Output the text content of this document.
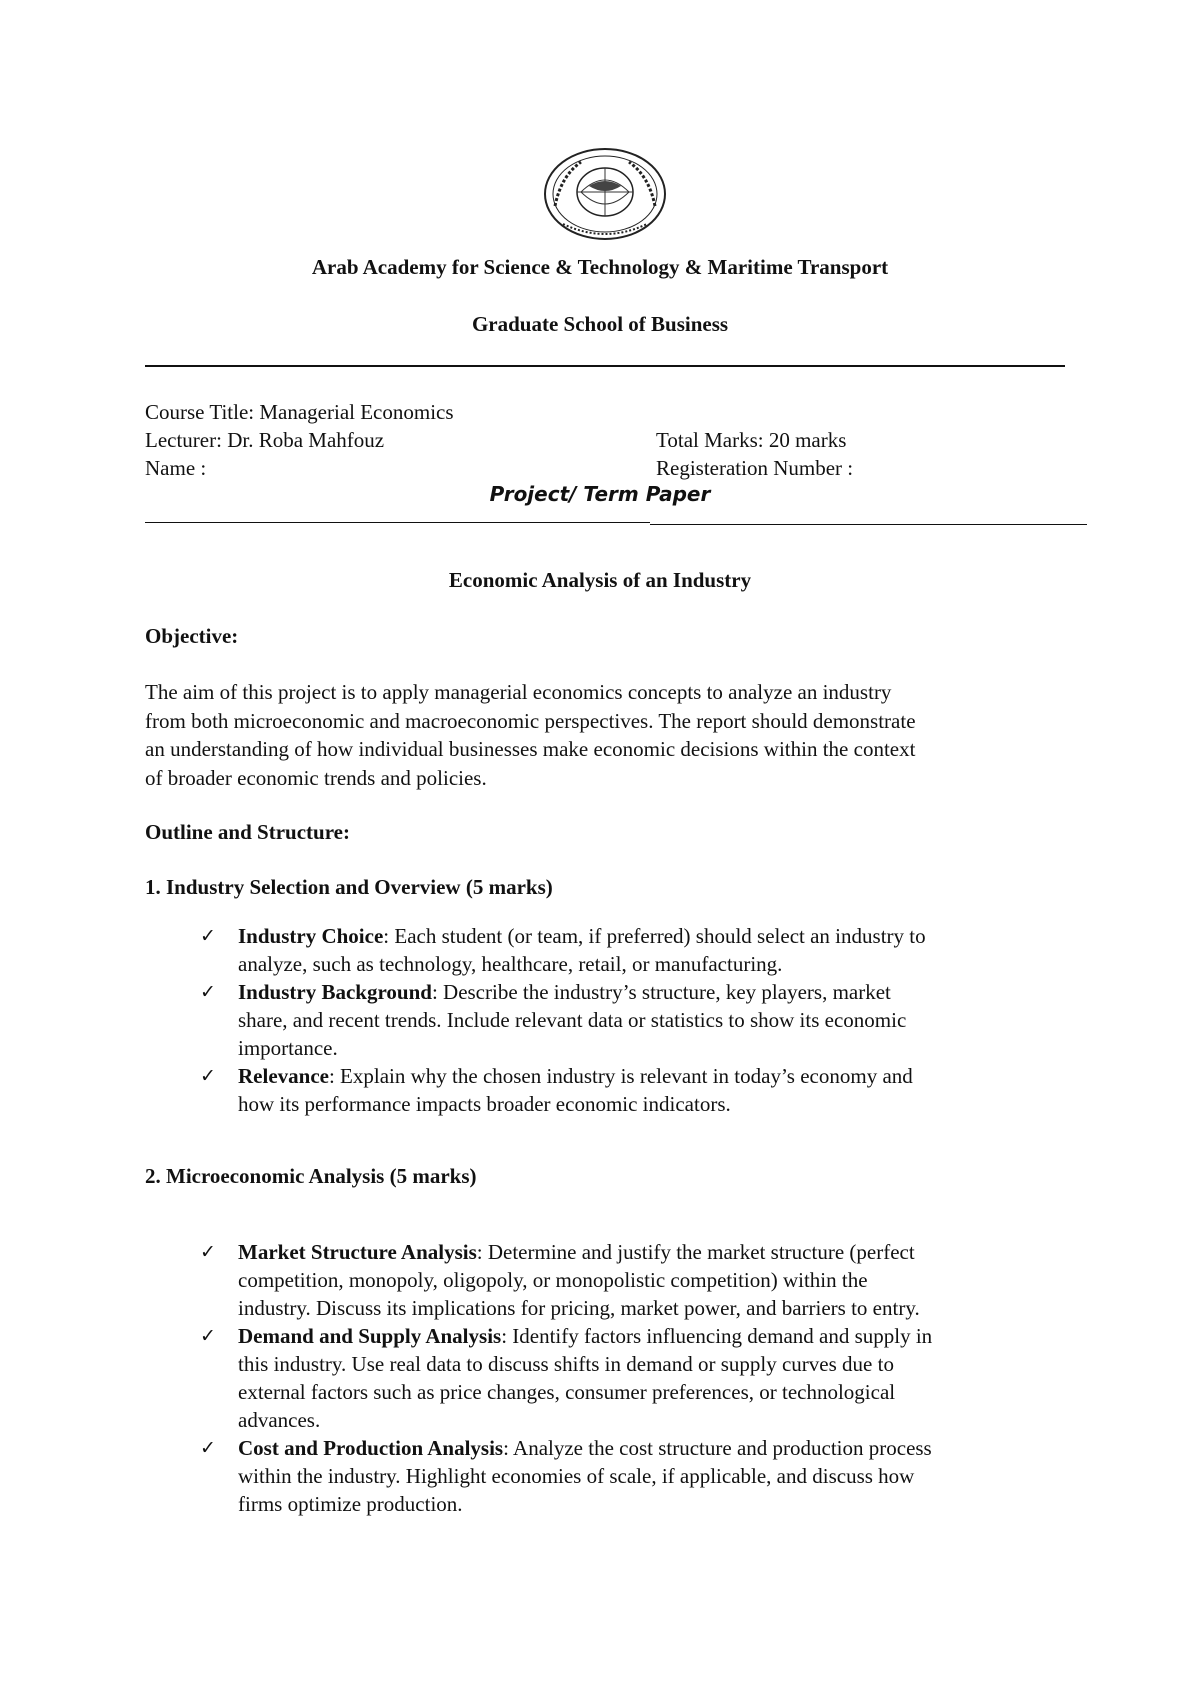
Arab Academy for Science & Technology & Maritime Transport
Graduate School of Business
Course Title: Managerial Economics
Lecturer: Dr. Roba Mahfouz	Total Marks: 20 marks
Name :	Registeration Number :
Project/ Term Paper
Economic Analysis of an Industry
Objective:
The aim of this project is to apply managerial economics concepts to analyze an industry
from both microeconomic and macroeconomic perspectives. The report should demonstrate
an understanding of how individual businesses make economic decisions within the context
of broader economic trends and policies.
Outline and Structure:
1. Industry Selection and Overview (5 marks)
✓ Industry Choice: Each student (or team, if preferred) should select an industry to
analyze, such as technology, healthcare, retail, or manufacturing.
✓ Industry Background: Describe the industry’s structure, key players, market
share, and recent trends. Include relevant data or statistics to show its economic
importance.
✓ Relevance: Explain why the chosen industry is relevant in today’s economy and
how its performance impacts broader economic indicators.
2. Microeconomic Analysis (5 marks)
✓ Market Structure Analysis: Determine and justify the market structure (perfect
competition, monopoly, oligopoly, or monopolistic competition) within the
industry. Discuss its implications for pricing, market power, and barriers to entry.
✓ Demand and Supply Analysis: Identify factors influencing demand and supply in
this industry. Use real data to discuss shifts in demand or supply curves due to
external factors such as price changes, consumer preferences, or technological
advances.
✓ Cost and Production Analysis: Analyze the cost structure and production process
within the industry. Highlight economies of scale, if applicable, and discuss how
firms optimize production.
